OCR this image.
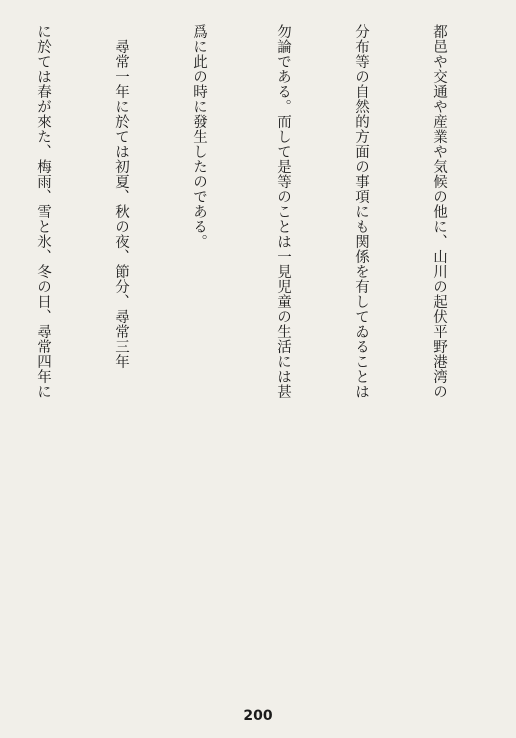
都邑や交通や産業や気候の他に、山川の起伏平野港湾の

分布等の自然的方面の事項にも関係を有してゐることは

勿論である。而して是等のことは一見児童の生活には甚

爲に此の時に發生したのである。

　尋常一年に於ては初夏、秋の夜、節分、尋常三年

に於ては春が來た、梅雨、雪と氷、冬の日、尋常四年に

200
